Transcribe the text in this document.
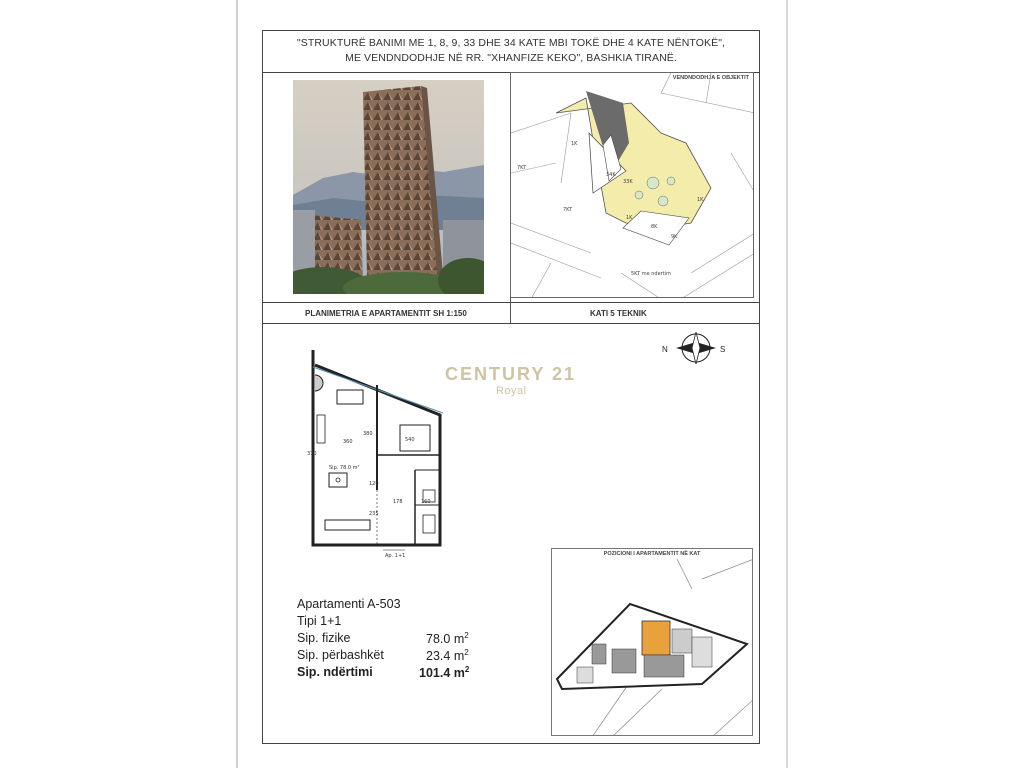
"STRUKTURË BANIMI ME 1, 8, 9, 33 DHE 34 KATE MBI TOKË DHE 4 KATE NËNTOKË",
ME VENDNDODHJE NË RR. "XHANFIZE KEKO", BASHKIA TIRANË.
VENDNDODHJA E OBJEKTIT
7KT
7KT
1K
34K
33K
1K
8K
9K
1K
5KT me ndertim
PLANIMETRIA E APARTAMENTIT SH 1:150	KATI 5 TEKNIK
N	S
CENTURY 21
Royal
360
380
540
370
120
178	160
235
Sip. 78.0 m²
Ap. 1+1	POZICIONI I APARTAMENTIT NË KAT
Apartamenti A-503
Tipi 1+1
Sip. fizike	78.0 $m^2$
Sip. përbashkët	23.4 $m^2$
Sip. ndërtimi	101.4 $m^2$
